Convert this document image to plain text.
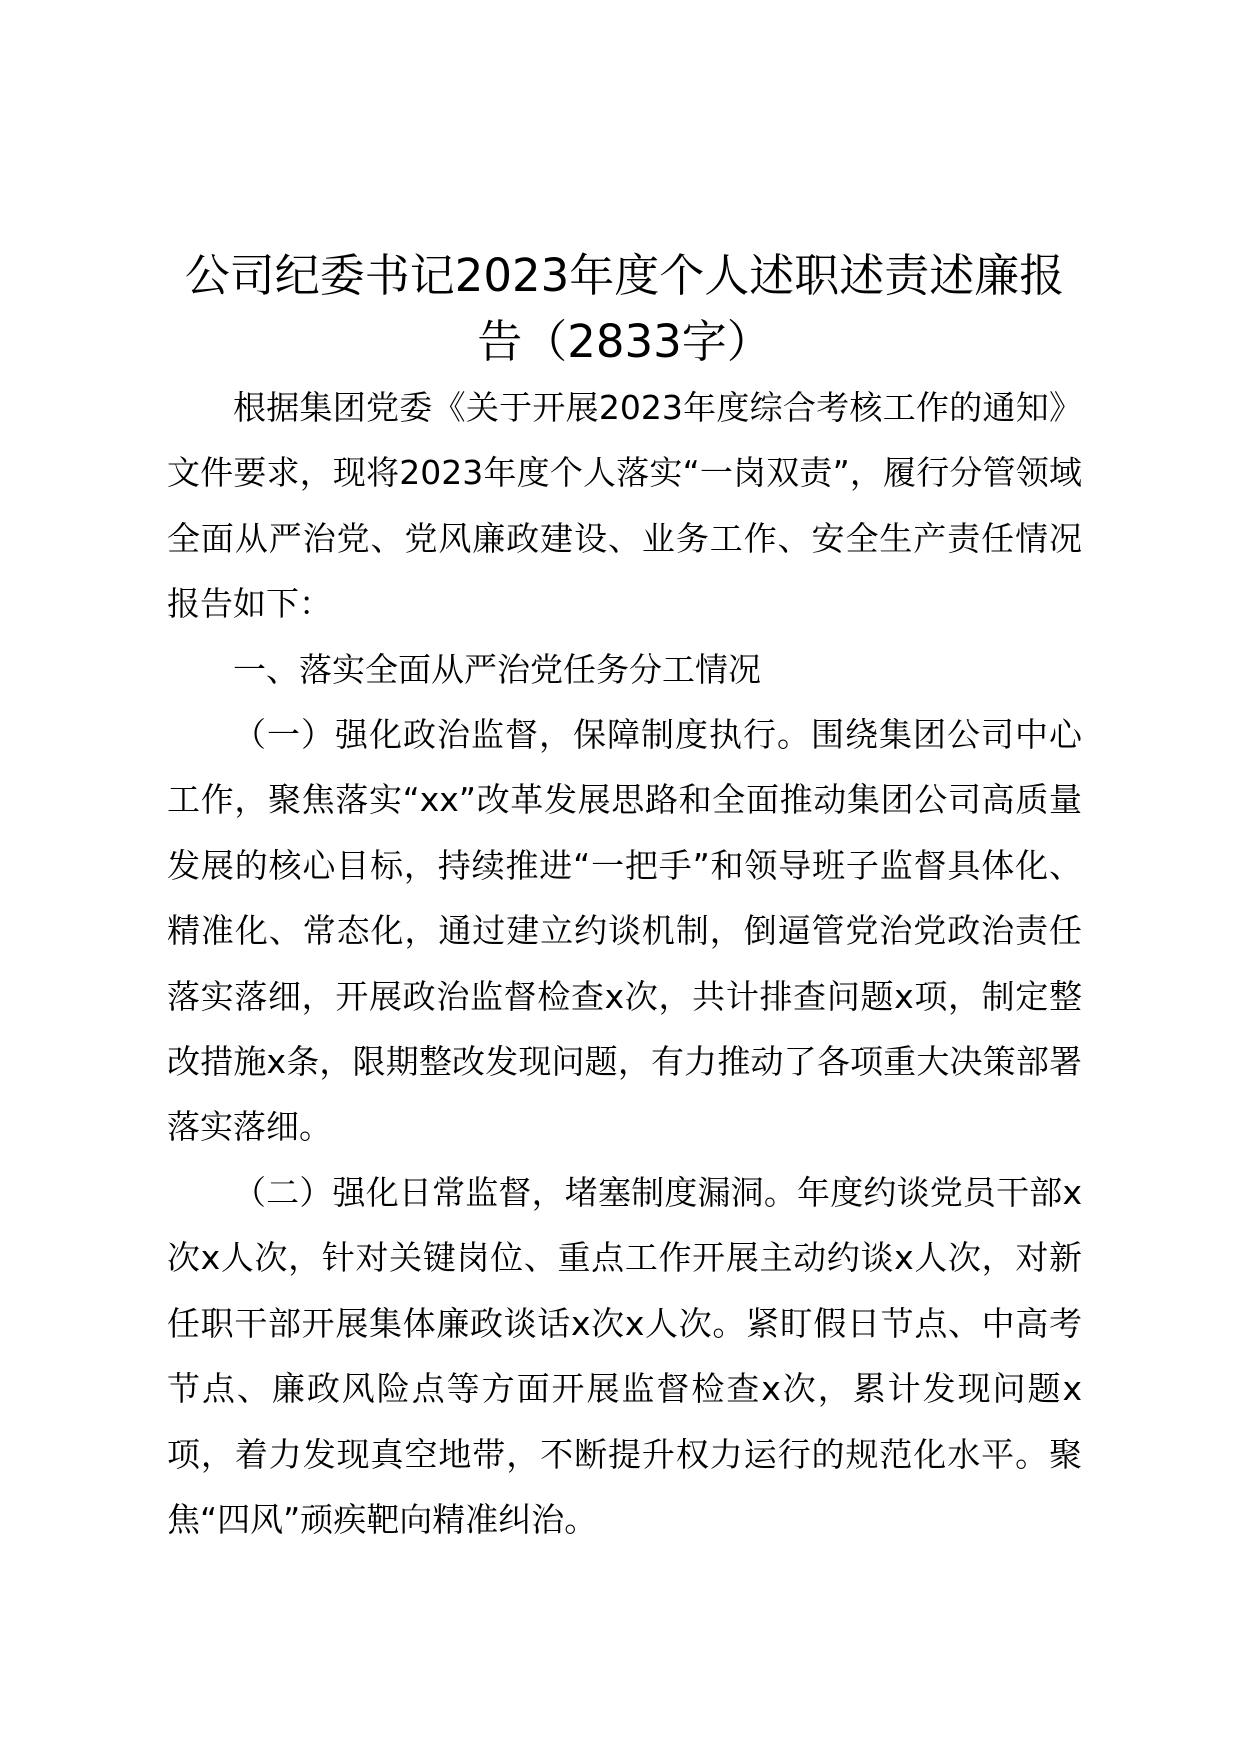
公司纪委书记2023年度个人述职述责述廉报告（2833字）

根据集团党委《关于开展2023年度综合考核工作的通知》文件要求，现将2023年度个人落实“一岗双责”，履行分管领域全面从严治党、党风廉政建设、业务工作、安全生产责任情况报告如下：

一、落实全面从严治党任务分工情况

（一）强化政治监督，保障制度执行。围绕集团公司中心工作，聚焦落实“xx”改革发展思路和全面推动集团公司高质量发展的核心目标，持续推进“一把手”和领导班子监督具体化、精准化、常态化，通过建立约谈机制，倒逼管党治党政治责任落实落细，开展政治监督检查x次，共计排查问题x项，制定整改措施x条，限期整改发现问题，有力推动了各项重大决策部署落实落细。

（二）强化日常监督，堵塞制度漏洞。年度约谈党员干部x次x人次，针对关键岗位、重点工作开展主动约谈x人次，对新任职干部开展集体廉政谈话x次x人次。紧盯假日节点、中高考节点、廉政风险点等方面开展监督检查x次，累计发现问题x项，着力发现真空地带，不断提升权力运行的规范化水平。聚焦“四风”顽疾靶向精准纠治。
